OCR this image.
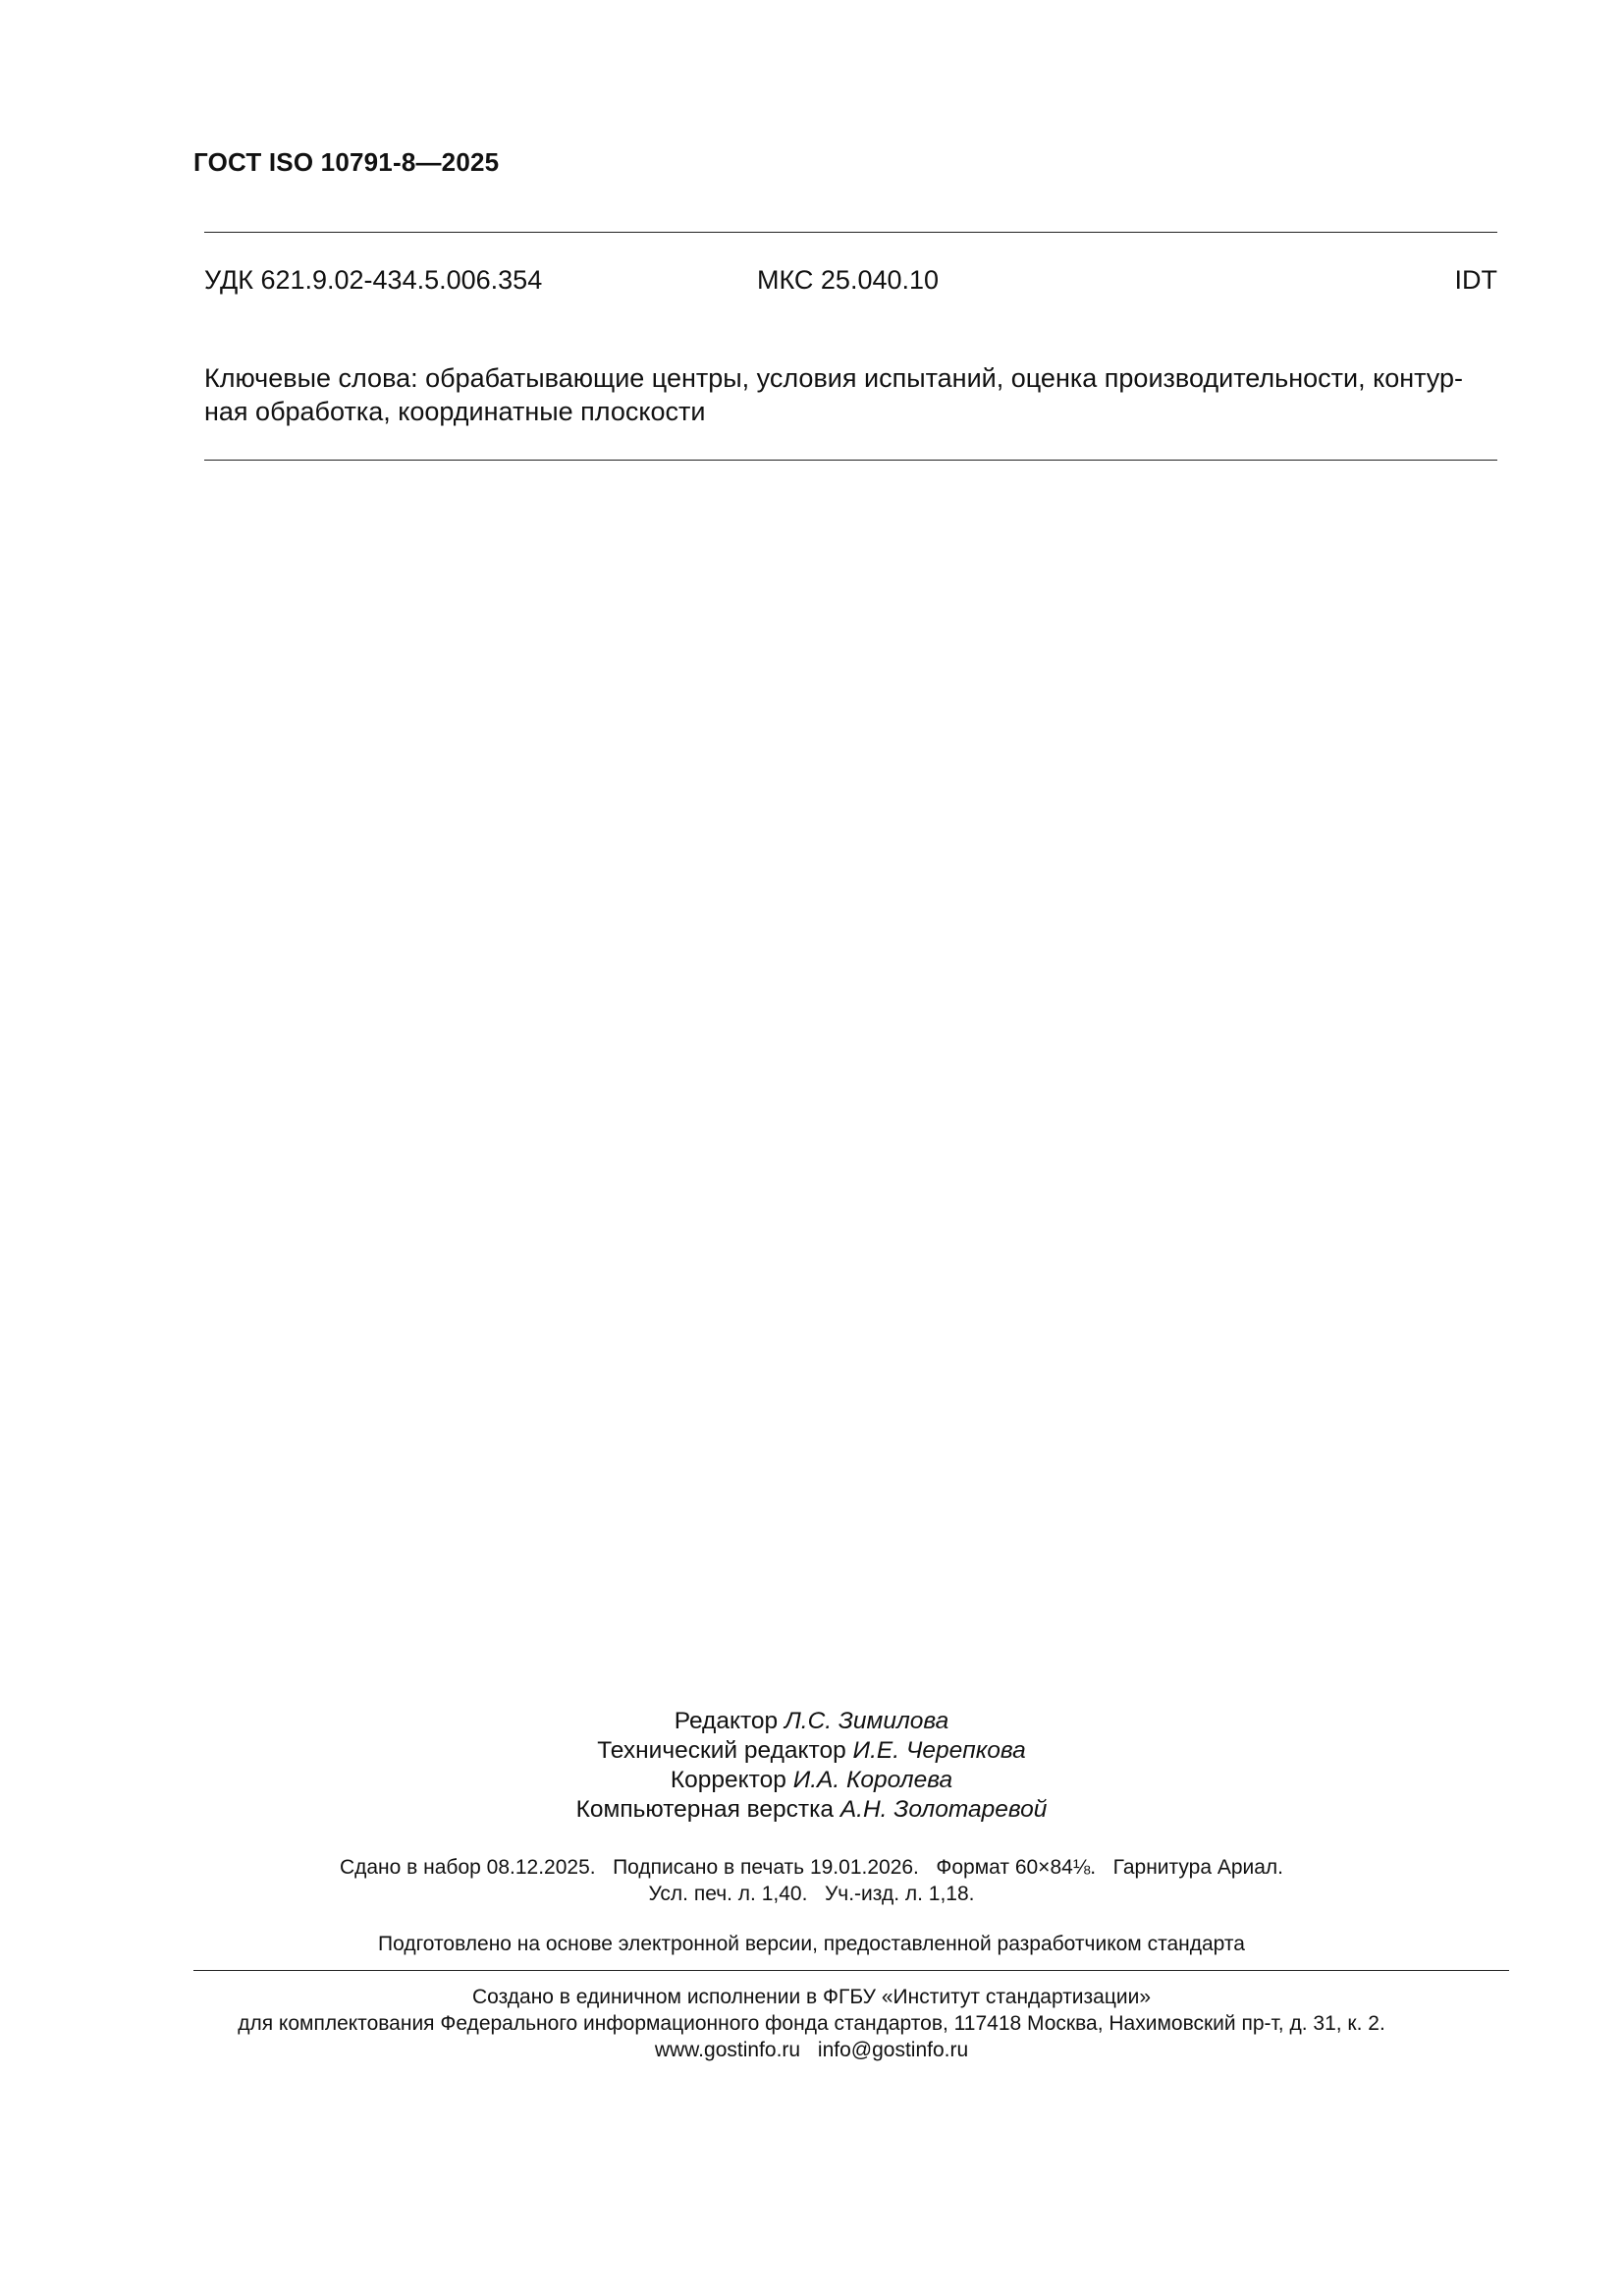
ГОСТ ISO 10791-8—2025
УДК 621.9.02-434.5.006.354	МКС 25.040.10	IDT
Ключевые слова: обрабатывающие центры, условия испытаний, оценка производительности, контур-
ная обработка, координатные плоскости
Редактор Л.С. Зимилова
Технический редактор И.Е. Черепкова
Корректор И.А. Королева
Компьютерная верстка А.Н. Золотаревой
Сдано в набор 08.12.2025.   Подписано в печать 19.01.2026.   Формат 60×84⅛.   Гарнитура Ариал.
Усл. печ. л. 1,40.   Уч.-изд. л. 1,18.
Подготовлено на основе электронной версии, предоставленной разработчиком стандарта
Создано в единичном исполнении в ФГБУ «Институт стандартизации»
для комплектования Федерального информационного фонда стандартов, 117418 Москва, Нахимовский пр-т, д. 31, к. 2.
www.gostinfo.ru info@gostinfo.ru
